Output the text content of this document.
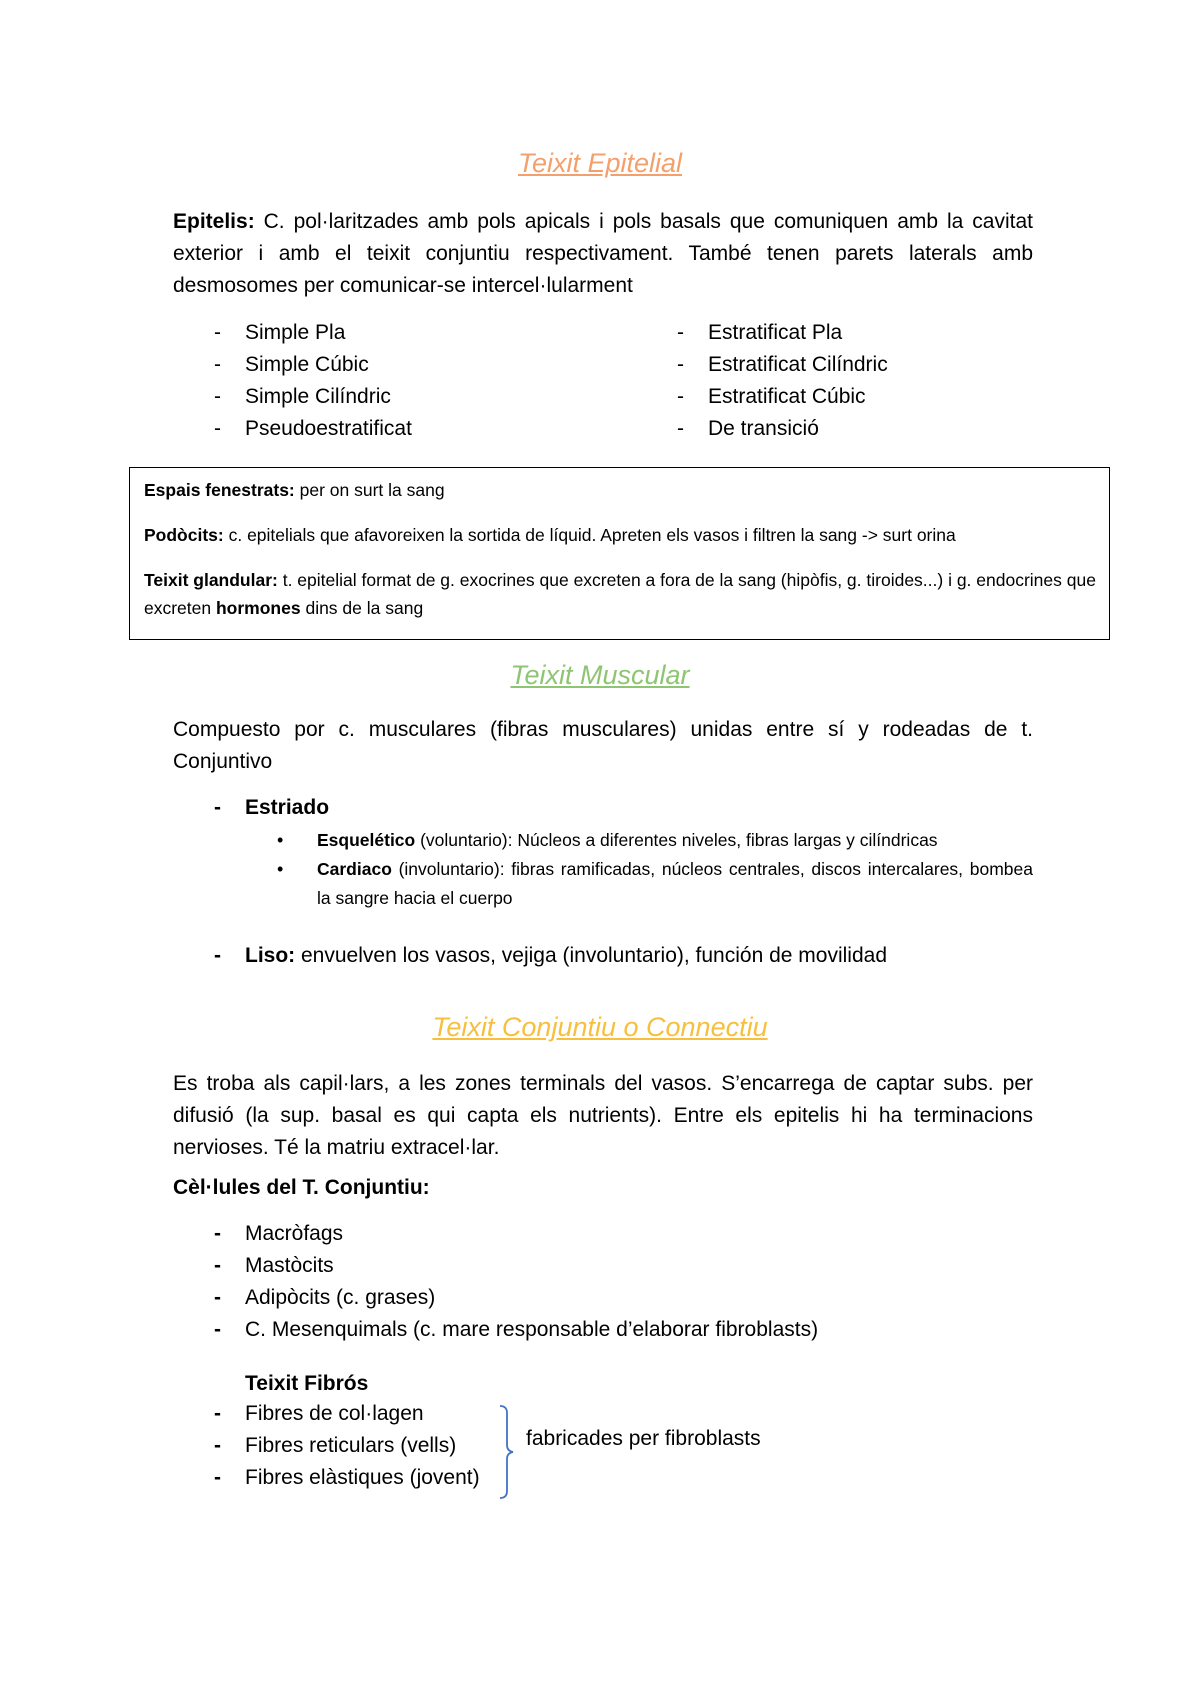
Teixit Epitelial

Epitelis: C. pol·laritzades amb pols apicals i pols basals que comuniquen amb la cavitat exterior i amb el teixit conjuntiu respectivament. També tenen parets laterals amb desmosomes per comunicar-se intercel·lularment

- Simple Pla
- Simple Cúbic
- Simple Cilíndric
- Pseudoestratificat
- Estratificat Pla
- Estratificat Cilíndric
- Estratificat Cúbic
- De transició

Espais fenestrats: per on surt la sang

Podòcits: c. epitelials que afavoreixen la sortida de líquid. Apreten els vasos i filtren la sang -> surt orina

Teixit glandular: t. epitelial format de g. exocrines que excreten a fora de la sang (hipòfis, g. tiroides...) i g. endocrines que excreten hormones dins de la sang

Teixit Muscular

Compuesto por c. musculares (fibras musculares) unidas entre sí y rodeadas de t. Conjuntivo

- Estriado
• Esquelético (voluntario): Núcleos a diferentes niveles, fibras largas y cilíndricas
• Cardiaco (involuntario): fibras ramificadas, núcleos centrales, discos intercalares, bombea la sangre hacia el cuerpo
- Liso: envuelven los vasos, vejiga (involuntario), función de movilidad
Teixit Conjuntiu o Connectiu

Es troba als capil·lars, a les zones terminals del vasos. S’encarrega de captar subs. per difusió (la sup. basal es qui capta els nutrients). Entre els epitelis hi ha terminacions nervioses. Té la matriu extracel·lar.

Cèl·lules del T. Conjuntiu:

- Macròfags
- Mastòcits
- Adipòcits (c. grases)
- C. Mesenquimals (c. mare responsable d’elaborar fibroblasts)

Teixit Fibrós

- Fibres de col·lagen
- Fibres reticulars (vells)
- Fibres elàstiques (jovent)

fabricades per fibroblasts
